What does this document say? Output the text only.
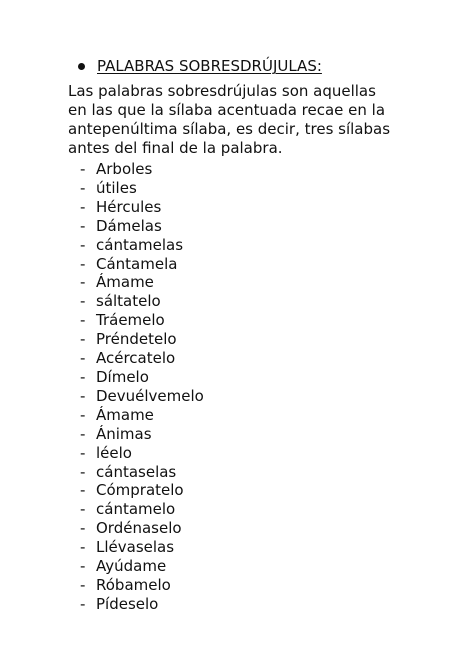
PALABRAS SOBRESDRÚJULAS:

Las palabras sobresdrújulas son aquellas en las que la sílaba acentuada recae en la antepenúltima sílaba, es decir, tres sílabas antes del final de la palabra.

- Arboles
- útiles
- Hércules
- Dámelas
- cántamelas
- Cántamela
- Ámame
- sáltatelo
- Tráemelo
- Préndetelo
- Acércatelo
- Dímelo
- Devuélvemelo
- Ámame
- Ánimas
- léelo
- cántaselas
- Cómpratelo
- cántamelo
- Ordénaselo
- Llévaselas
- Ayúdame
- Róbamelo
- Pídeselo
